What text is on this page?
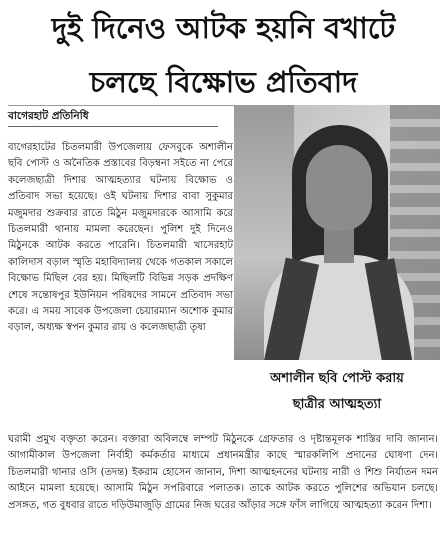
দুই দিনেও আটক হয়নি বখাটে
চলছে বিক্ষোভ প্রতিবাদ
বাগেরহাট প্রতিনিধি
বাগেরহাটের চিতলমারী উপজেলায় ফেসবুকে অশালীন ছবি পোস্ট ও অনৈতিক প্রস্তাবের বিড়ম্বনা সইতে না পেরে কলেজছাত্রী দিশার আত্মহত্যার ঘটনায় বিক্ষোভ ও প্রতিবাদ সভা হয়েছে। ওই ঘটনায় দিশার বাবা সুকুমার মজুমদার শুক্রবার রাতে মিঠুন মজুমদারকে আসামি করে চিতলমারী থানায় মামলা করেছেন। পুলিশ দুই দিনেও মিঠুনকে আটক করতে পারেনি। চিতলমারী খাসেরহাট কালিদাস বড়াল স্মৃতি মহাবিদ্যালয় থেকে গতকাল সকালে বিক্ষোভ মিছিল বের হয়। মিছিলটি বিভিন্ন সড়ক প্রদক্ষিণ শেষে সন্তোষপুর ইউনিয়ন পরিষদের সামনে প্রতিবাদ সভা করে। এ সময় সাবেক উপজেলা চেয়ারম্যান অশোক কুমার বড়াল, অধ্যক্ষ স্বপন কুমার রায় ও কলেজছাত্রী তৃষা
অশালীন ছবি পোস্ট করায়
ছাত্রীর আত্মহত্যা
ঘরামী প্রমুখ বক্তৃতা করেন। বক্তারা অবিলম্বে লম্পট মিঠুনকে গ্রেফতার ও দৃষ্টান্তমূলক শাস্তির দাবি জানান। আগামীকাল উপজেলা নির্বাহী কর্মকর্তার মাধ্যমে প্রধানমন্ত্রীর কাছে স্মারকলিপি প্রদানের ঘোষণা দেন। চিতলমারী থানার ওসি (তদন্ত) ইকরাম হোসেন জানান, দিশা আত্মহননের ঘটনায় নারী ও শিশু নির্যাতন দমন আইনে মামলা হয়েছে। আসামি মিঠুন সপরিবারে পলাতক। তাকে আটক করতে পুলিশের অভিযান চলছে। প্রসঙ্গত, গত বুধবার রাতে দড়িউমাজুড়ি গ্রামের নিজ ঘরের আঁড়ার সঙ্গে ফাঁস লাগিয়ে আত্মহত্যা করেন দিশা।
